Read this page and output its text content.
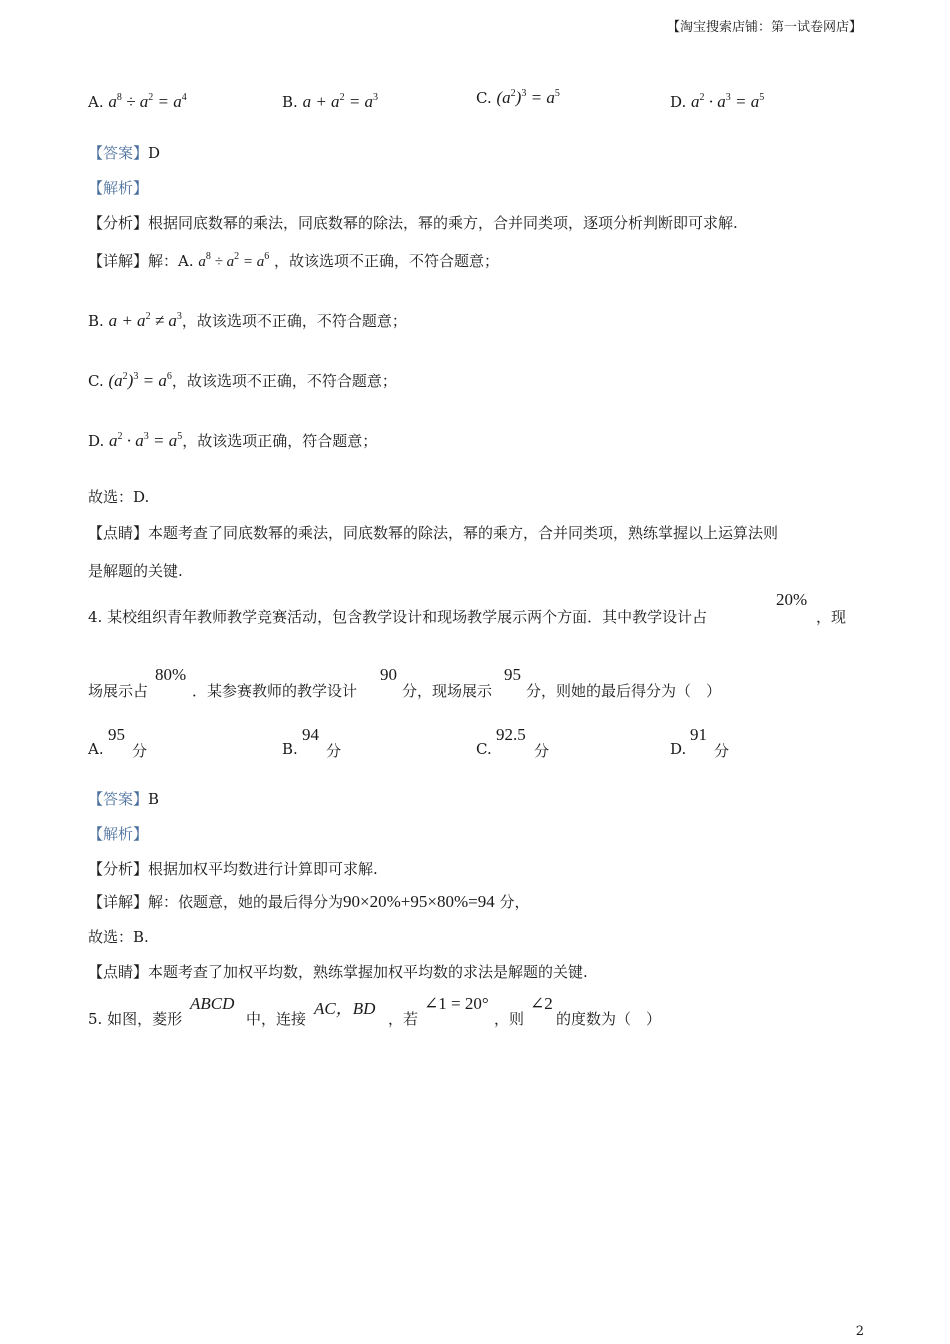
【淘宝搜索店铺：第一试卷网店】
A. $a^8 \div a^2 = a^4$	B. $a + a^2 = a^3$	C. $(a^2)^3 = a^5$	D. $a^2 \cdot a^3 = a^5$
【答案】D
【解析】
【分析】根据同底数幂的乘法，同底数幂的除法，幂的乘方，合并同类项，逐项分析判断即可求解.
【详解】解：A. $a^8 \div a^2 = a^6$ ，故该选项不正确，不符合题意；
B. $a + a^2 \ne a^3$，故该选项不正确，不符合题意；
C. $(a^2)^3 = a^6$，故该选项不正确，不符合题意；
D. $a^2 \cdot a^3 = a^5$，故该选项正确，符合题意；
故选：D.
【点睛】本题考查了同底数幂的乘法，同底数幂的除法，幂的乘方，合并同类项，熟练掌握以上运算法则
是解题的关键.
4. 某校组织青年教师教学竞赛活动，包含教学设计和现场教学展示两个方面．其中教学设计占
20%
，现
场展示占
80%
．某参赛教师的教学设计
90
分，现场展示
95
分，则她的最后得分为（　）
A.
95
分	B.
94
分	C.
92.5
分	D.
91
分
【答案】B
【解析】
【分析】根据加权平均数进行计算即可求解.
【详解】解：依题意，她的最后得分为90×20%+95×80%=94 分，
故选：B.
【点睛】本题考查了加权平均数，熟练掌握加权平均数的求法是解题的关键.
5. 如图，菱形
ABCD
中，连接
AC，BD
，若
∠1 = 20°
，则
∠2
的度数为（　）
2
